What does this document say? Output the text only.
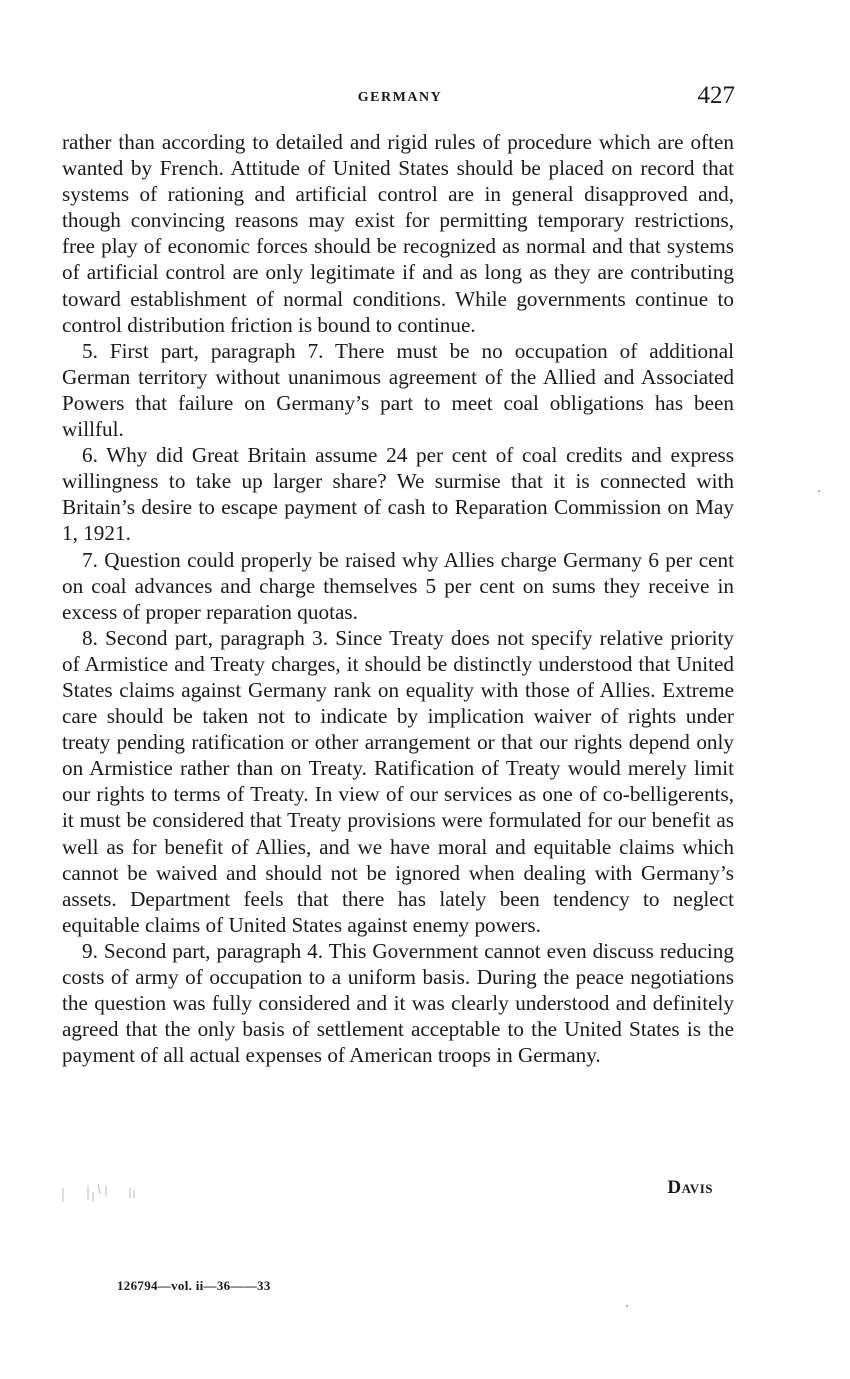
GERMANY	427

rather than according to detailed and rigid rules of procedure which are often wanted by French. Attitude of United States should be placed on record that systems of rationing and artificial control are in general disapproved and, though convincing reasons may exist for permitting temporary restrictions, free play of economic forces should be recognized as normal and that systems of artificial control are only legitimate if and as long as they are contributing toward establishment of normal conditions. While governments continue to control distribution friction is bound to continue.

5. First part, paragraph 7. There must be no occupation of additional German territory without unanimous agreement of the Allied and Associated Powers that failure on Germany’s part to meet coal obligations has been willful.

6. Why did Great Britain assume 24 per cent of coal credits and express willingness to take up larger share? We surmise that it is connected with Britain’s desire to escape payment of cash to Reparation Commission on May 1, 1921.

7. Question could properly be raised why Allies charge Germany 6 per cent on coal advances and charge themselves 5 per cent on sums they receive in excess of proper reparation quotas.

8. Second part, paragraph 3. Since Treaty does not specify relative priority of Armistice and Treaty charges, it should be distinctly understood that United States claims against Germany rank on equality with those of Allies. Extreme care should be taken not to indicate by implication waiver of rights under treaty pending ratification or other arrangement or that our rights depend only on Armistice rather than on Treaty. Ratification of Treaty would merely limit our rights to terms of Treaty. In view of our services as one of co-belligerents, it must be considered that Treaty provisions were formulated for our benefit as well as for benefit of Allies, and we have moral and equitable claims which cannot be waived and should not be ignored when dealing with Germany’s assets. Department feels that there has lately been tendency to neglect equitable claims of United States against enemy powers.

9. Second part, paragraph 4. This Government cannot even discuss reducing costs of army of occupation to a uniform basis. During the peace negotiations the question was fully considered and it was clearly understood and definitely agreed that the only basis of settlement acceptable to the United States is the payment of all actual expenses of American troops in Germany.

Davis
126794—vol. ii—36——33
